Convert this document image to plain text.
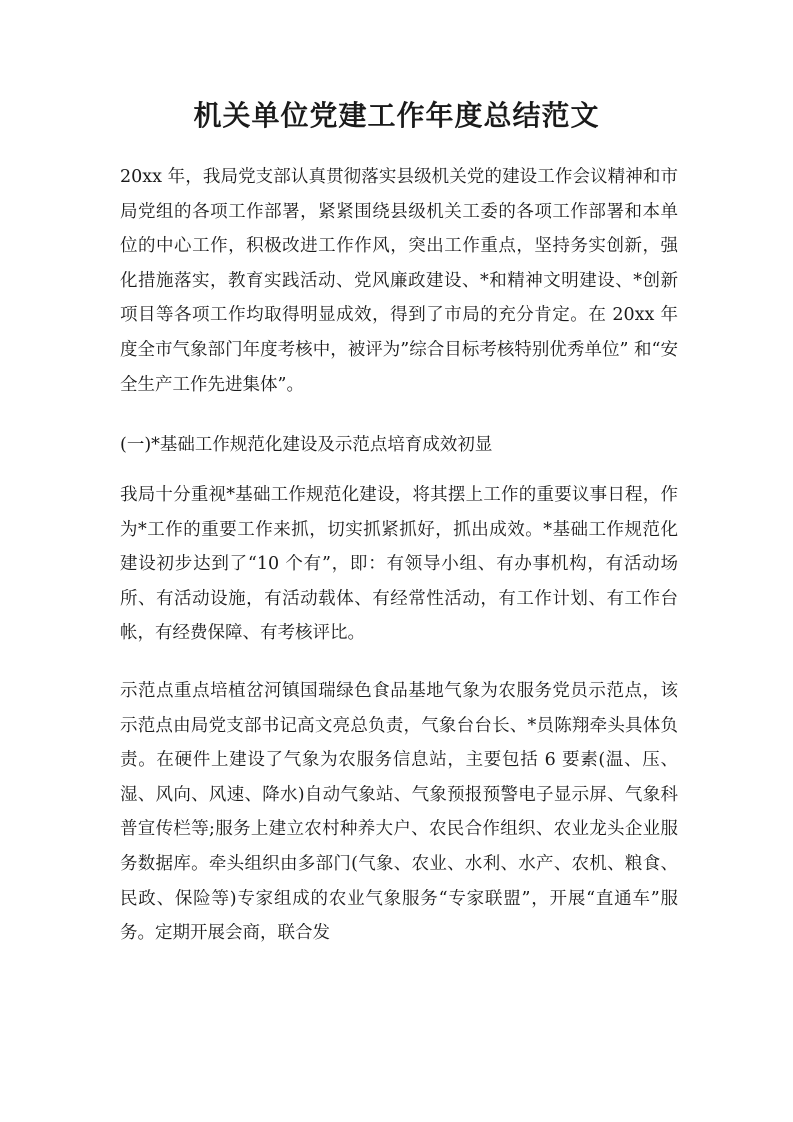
机关单位党建工作年度总结范文

20xx 年，我局党支部认真贯彻落实县级机关党的建设工作会议精神和市局党组的各项工作部署，紧紧围绕县级机关工委的各项工作部署和本单位的中心工作，积极改进工作作风，突出工作重点，坚持务实创新，强化措施落实，教育实践活动、党风廉政建设、*和精神文明建设、*创新项目等各项工作均取得明显成效，得到了市局的充分肯定。在 20xx 年度全市气象部门年度考核中，被评为”综合目标考核特别优秀单位” 和“安全生产工作先进集体”。

(一)*基础工作规范化建设及示范点培育成效初显

我局十分重视*基础工作规范化建设，将其摆上工作的重要议事日程，作为*工作的重要工作来抓，切实抓紧抓好，抓出成效。*基础工作规范化建设初步达到了“10 个有”，即：有领导小组、有办事机构，有活动场所、有活动设施，有活动载体、有经常性活动，有工作计划、有工作台帐，有经费保障、有考核评比。

示范点重点培植岔河镇国瑞绿色食品基地气象为农服务党员示范点，该示范点由局党支部书记高文亮总负责，气象台台长、*员陈翔牵头具体负责。在硬件上建设了气象为农服务信息站，主要包括 6 要素(温、压、湿、风向、风速、降水)自动气象站、气象预报预警电子显示屏、气象科普宣传栏等;服务上建立农村种养大户、农民合作组织、农业龙头企业服务数据库。牵头组织由多部门(气象、农业、水利、水产、农机、粮食、民政、保险等)专家组成的农业气象服务“专家联盟”，开展“直通车”服务。定期开展会商，联合发
